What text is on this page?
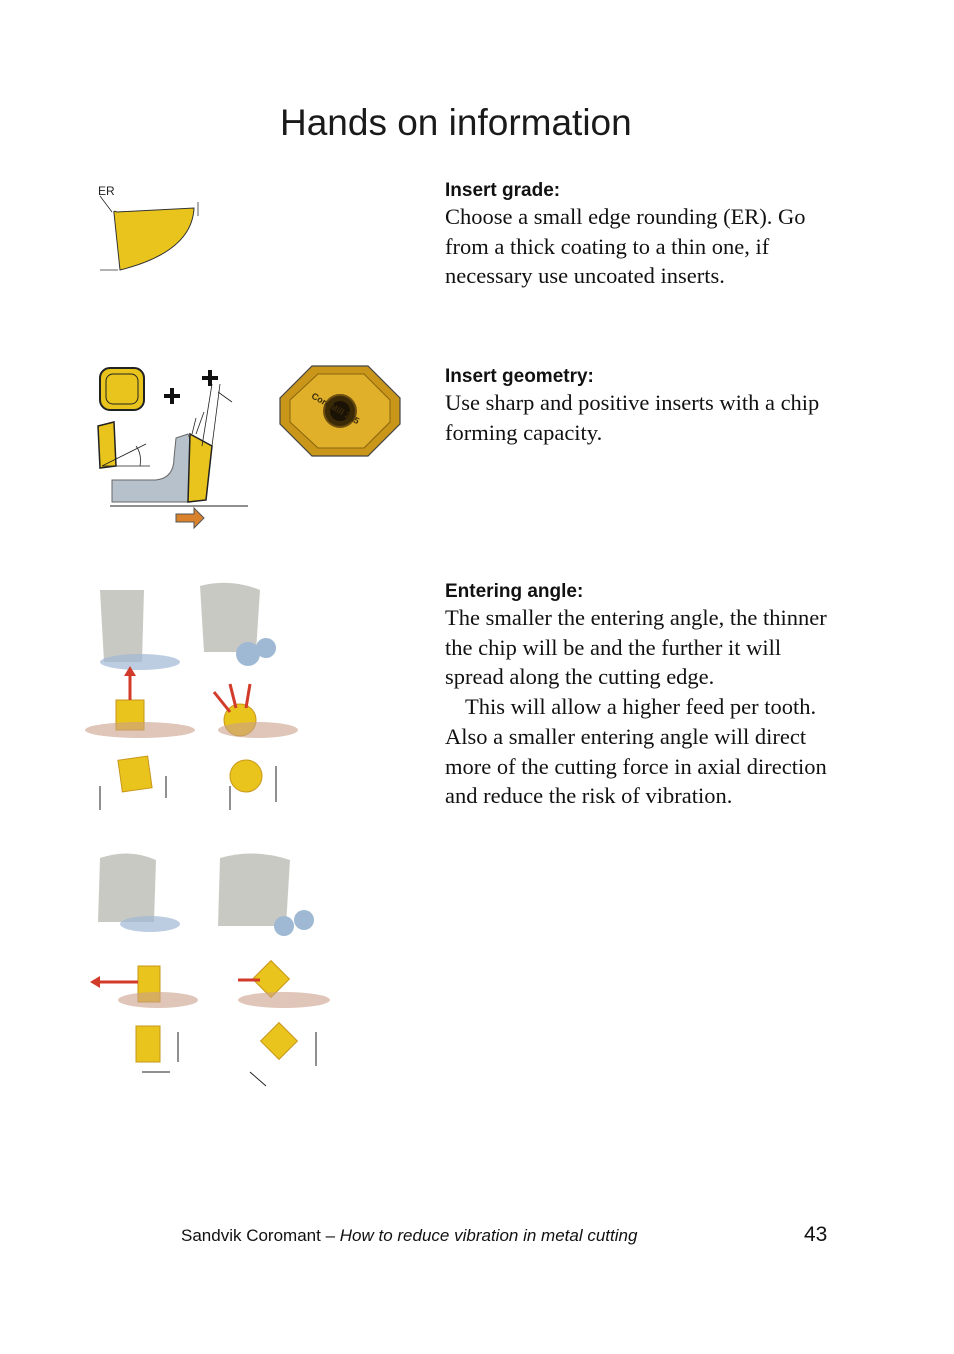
Hands on information
ER	Insert grade:

Choose a small edge rounding (ER). Go from a thick coating to a thin one, if necessary use uncoated inserts.

CoroMill 245
Insert geometry:

Use sharp and positive inserts with a chip forming capacity.

Entering angle:

The smaller the entering angle, the thinner the chip will be and the further it will spread along the cutting edge.

This will allow a higher feed per tooth. Also a smaller entering angle will direct more of the cutting force in axial direction and reduce the risk of vibration.

Sandvik Coromant – How to reduce vibration in metal cutting	43
